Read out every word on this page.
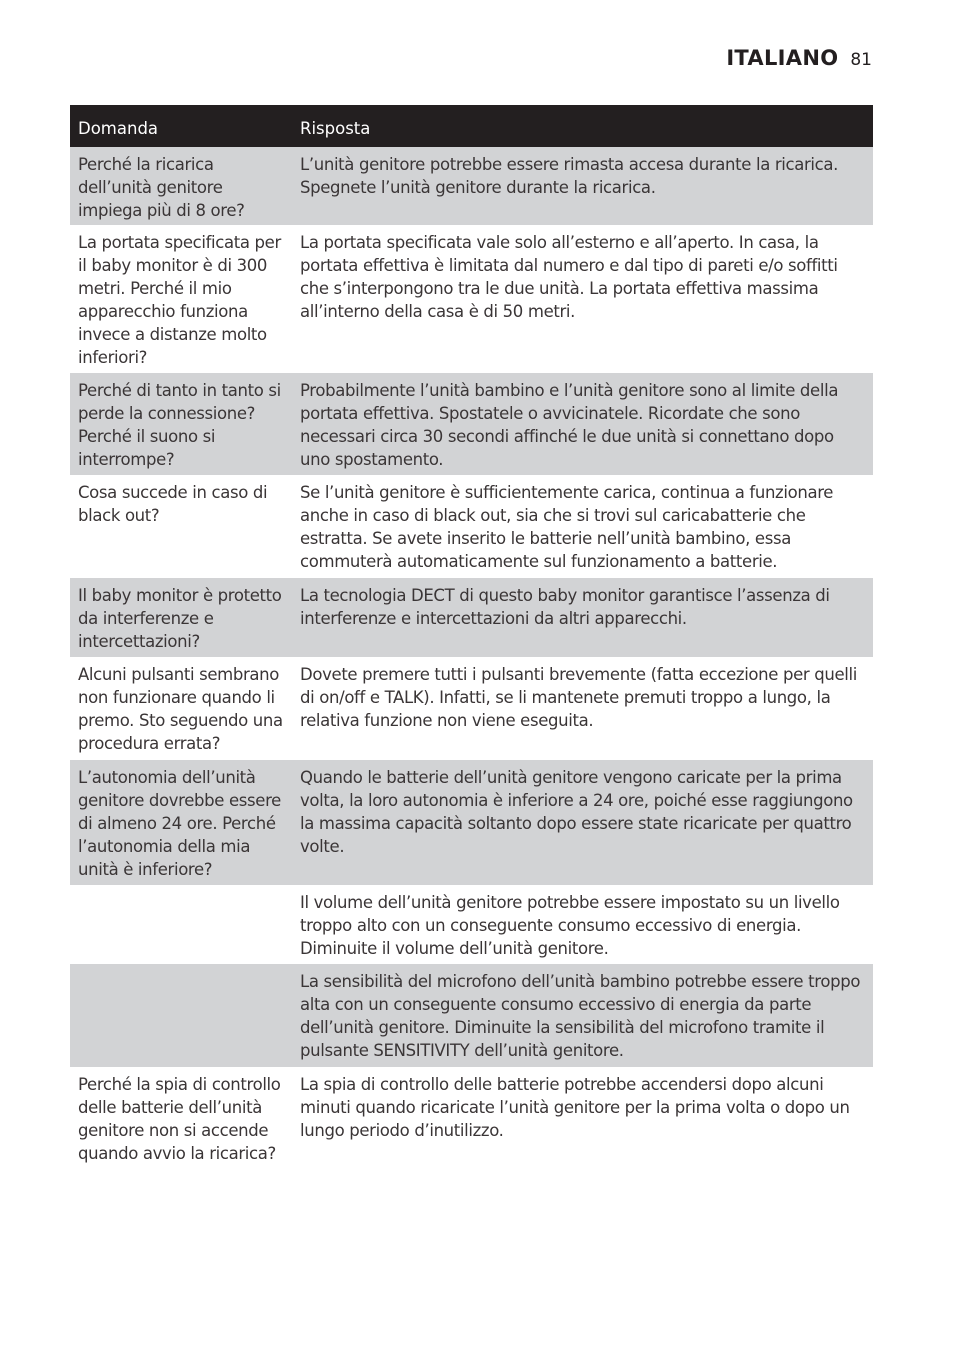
ITALIANO 81
Domanda	Risposta
Perché la ricarica dell’unità genitore impiega più di 8 ore?
L’unità genitore potrebbe essere rimasta accesa durante la ricarica. Spegnete l’unità genitore durante la ricarica.
La portata specificata per il baby monitor è di 300 metri. Perché il mio apparecchio funziona invece a distanze molto inferiori?
La portata specificata vale solo all’esterno e all’aperto. In casa, la portata effettiva è limitata dal numero e dal tipo di pareti e/o soffitti che s’interpongono tra le due unità. La portata effettiva massima all’interno della casa è di 50 metri.
Perché di tanto in tanto si perde la connessione? Perché il suono si interrompe?
Probabilmente l’unità bambino e l’unità genitore sono al limite della portata effettiva. Spostatele o avvicinatele. Ricordate che sono necessari circa 30 secondi affinché le due unità si connettano dopo uno spostamento.
Cosa succede in caso di black out?
Se l’unità genitore è sufficientemente carica, continua a funzionare anche in caso di black out, sia che si trovi sul caricabatterie che estratta. Se avete inserito le batterie nell’unità bambino, essa commuterà automaticamente sul funzionamento a batterie.
Il baby monitor è protetto da interferenze e intercettazioni?
La tecnologia DECT di questo baby monitor garantisce l’assenza di interferenze e intercettazioni da altri apparecchi.
Alcuni pulsanti sembrano non funzionare quando li premo. Sto seguendo una procedura errata?
Dovete premere tutti i pulsanti brevemente (fatta eccezione per quelli di on/off e TALK). Infatti, se li mantenete premuti troppo a lungo, la relativa funzione non viene eseguita.
L’autonomia dell’unità genitore dovrebbe essere di almeno 24 ore. Perché l’autonomia della mia unità è inferiore?
Quando le batterie dell’unità genitore vengono caricate per la prima volta, la loro autonomia è inferiore a 24 ore, poiché esse raggiungono la massima capacità soltanto dopo essere state ricaricate per quattro volte.
Il volume dell’unità genitore potrebbe essere impostato su un livello troppo alto con un conseguente consumo eccessivo di energia. Diminuite il volume dell’unità genitore.
La sensibilità del microfono dell’unità bambino potrebbe essere troppo alta con un conseguente consumo eccessivo di energia da parte dell’unità genitore. Diminuite la sensibilità del microfono tramite il pulsante SENSITIVITY dell’unità genitore.
Perché la spia di controllo delle batterie dell’unità genitore non si accende quando avvio la ricarica?
La spia di controllo delle batterie potrebbe accendersi dopo alcuni minuti quando ricaricate l’unità genitore per la prima volta o dopo un lungo periodo d’inutilizzo.
